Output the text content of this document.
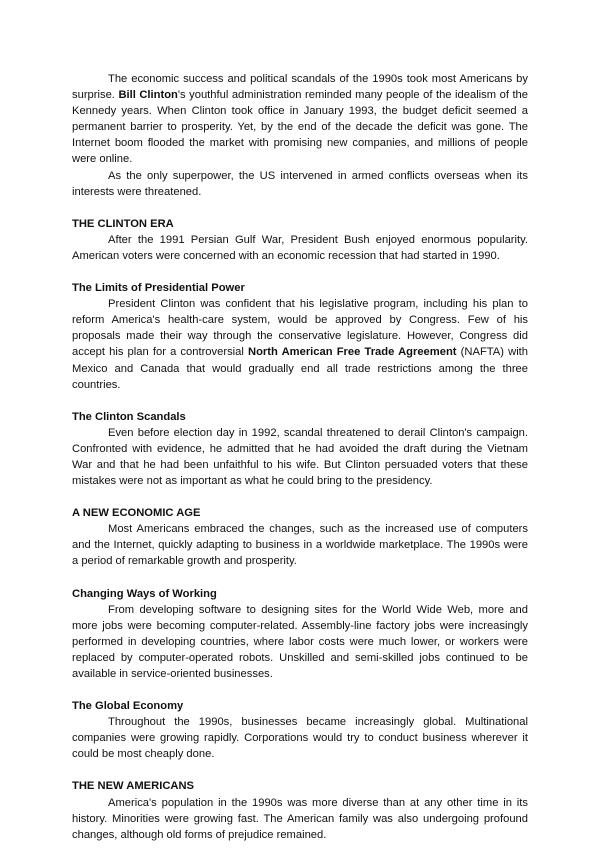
The economic success and political scandals of the 1990s took most Americans by surprise. Bill Clinton's youthful administration reminded many people of the idealism of the Kennedy years. When Clinton took office in January 1993, the budget deficit seemed a permanent barrier to prosperity. Yet, by the end of the decade the deficit was gone. The Internet boom flooded the market with promising new companies, and millions of people were online.

As the only superpower, the US intervened in armed conflicts overseas when its interests were threatened.

THE CLINTON ERA

After the 1991 Persian Gulf War, President Bush enjoyed enormous popularity. American voters were concerned with an economic recession that had started in 1990.

The Limits of Presidential Power

President Clinton was confident that his legislative program, including his plan to reform America's health-care system, would be approved by Congress. Few of his proposals made their way through the conservative legislature. However, Congress did accept his plan for a controversial North American Free Trade Agreement (NAFTA) with Mexico and Canada that would gradually end all trade restrictions among the three countries.

The Clinton Scandals

Even before election day in 1992, scandal threatened to derail Clinton's campaign. Confronted with evidence, he admitted that he had avoided the draft during the Vietnam War and that he had been unfaithful to his wife. But Clinton persuaded voters that these mistakes were not as important as what he could bring to the presidency.

A NEW ECONOMIC AGE

Most Americans embraced the changes, such as the increased use of computers and the Internet, quickly adapting to business in a worldwide marketplace. The 1990s were a period of remarkable growth and prosperity.

Changing Ways of Working

From developing software to designing sites for the World Wide Web, more and more jobs were becoming computer-related. Assembly-line factory jobs were increasingly performed in developing countries, where labor costs were much lower, or workers were replaced by computer-operated robots. Unskilled and semi-skilled jobs continued to be available in service-oriented businesses.

The Global Economy

Throughout the 1990s, businesses became increasingly global. Multinational companies were growing rapidly. Corporations would try to conduct business wherever it could be most cheaply done.

THE NEW AMERICANS

America's population in the 1990s was more diverse than at any other time in its history. Minorities were growing fast. The American family was also undergoing profound changes, although old forms of prejudice remained.
